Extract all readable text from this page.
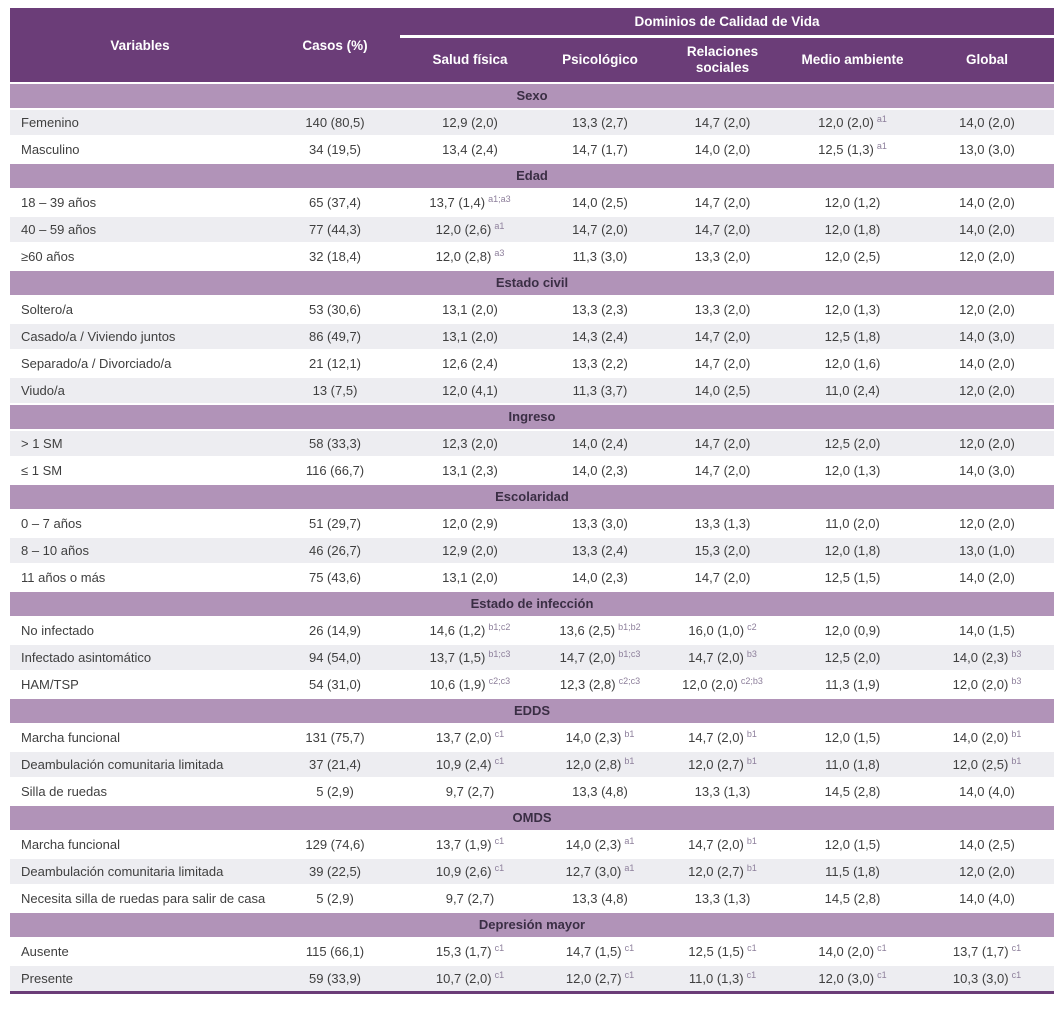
Variables	Casos (%)	Dominios de Calidad de Vida				
		Salud física	Psicológico	Relaciones sociales	Medio ambiente	Global
Sexo						
Femenino	140 (80,5)	12,9 (2,0)	13,3 (2,7)	14,7 (2,0)	12,0 (2,0) $^{a1}$	14,0 (2,0)
Masculino	34 (19,5)	13,4 (2,4)	14,7 (1,7)	14,0 (2,0)	12,5 (1,3) $^{a1}$	13,0 (3,0)
Edad						
18 – 39 años	65 (37,4)	13,7 (1,4) $^{a1;a3}$	14,0 (2,5)	14,7 (2,0)	12,0 (1,2)	14,0 (2,0)
40 – 59 años	77 (44,3)	12,0 (2,6) $^{a1}$	14,7 (2,0)	14,7 (2,0)	12,0 (1,8)	14,0 (2,0)
≥60 años	32 (18,4)	12,0 (2,8) $^{a3}$	11,3 (3,0)	13,3 (2,0)	12,0 (2,5)	12,0 (2,0)
Estado civil						
Soltero/a	53 (30,6)	13,1 (2,0)	13,3 (2,3)	13,3 (2,0)	12,0 (1,3)	12,0 (2,0)
Casado/a / Viviendo juntos	86 (49,7)	13,1 (2,0)	14,3 (2,4)	14,7 (2,0)	12,5 (1,8)	14,0 (3,0)
Separado/a / Divorciado/a	21 (12,1)	12,6 (2,4)	13,3 (2,2)	14,7 (2,0)	12,0 (1,6)	14,0 (2,0)
Viudo/a	13 (7,5)	12,0 (4,1)	11,3 (3,7)	14,0 (2,5)	11,0 (2,4)	12,0 (2,0)
Ingreso						
> 1 SM	58 (33,3)	12,3 (2,0)	14,0 (2,4)	14,7 (2,0)	12,5 (2,0)	12,0 (2,0)
≤ 1 SM	116 (66,7)	13,1 (2,3)	14,0 (2,3)	14,7 (2,0)	12,0 (1,3)	14,0 (3,0)
Escolaridad						
0 – 7 años	51 (29,7)	12,0 (2,9)	13,3 (3,0)	13,3 (1,3)	11,0 (2,0)	12,0 (2,0)
8 – 10 años	46 (26,7)	12,9 (2,0)	13,3 (2,4)	15,3 (2,0)	12,0 (1,8)	13,0 (1,0)
11 años o más	75 (43,6)	13,1 (2,0)	14,0 (2,3)	14,7 (2,0)	12,5 (1,5)	14,0 (2,0)
Estado de infección						
No infectado	26 (14,9)	14,6 (1,2) $^{b1;c2}$	13,6 (2,5) $^{b1;b2}$	16,0 (1,0) $^{c2}$	12,0 (0,9)	14,0 (1,5)
Infectado asintomático	94 (54,0)	13,7 (1,5) $^{b1;c3}$	14,7 (2,0) $^{b1;c3}$	14,7 (2,0) $^{b3}$	12,5 (2,0)	14,0 (2,3) $^{b3}$
HAM/TSP	54 (31,0)	10,6 (1,9) $^{c2;c3}$	12,3 (2,8) $^{c2;c3}$	12,0 (2,0) $^{c2;b3}$	11,3 (1,9)	12,0 (2,0) $^{b3}$
EDDS						
Marcha funcional	131 (75,7)	13,7 (2,0) $^{c1}$	14,0 (2,3) $^{b1}$	14,7 (2,0) $^{b1}$	12,0 (1,5)	14,0 (2,0) $^{b1}$
Deambulación comunitaria limitada	37 (21,4)	10,9 (2,4) $^{c1}$	12,0 (2,8) $^{b1}$	12,0 (2,7) $^{b1}$	11,0 (1,8)	12,0 (2,5) $^{b1}$
Silla de ruedas	5 (2,9)	9,7 (2,7)	13,3 (4,8)	13,3 (1,3)	14,5 (2,8)	14,0 (4,0)
OMDS						
Marcha funcional	129 (74,6)	13,7 (1,9) $^{c1}$	14,0 (2,3) $^{a1}$	14,7 (2,0) $^{b1}$	12,0 (1,5)	14,0 (2,5)
Deambulación comunitaria limitada	39 (22,5)	10,9 (2,6) $^{c1}$	12,7 (3,0) $^{a1}$	12,0 (2,7) $^{b1}$	11,5 (1,8)	12,0 (2,0)
Necesita silla de ruedas para salir de casa	5 (2,9)	9,7 (2,7)	13,3 (4,8)	13,3 (1,3)	14,5 (2,8)	14,0 (4,0)
Depresión mayor						
Ausente	115 (66,1)	15,3 (1,7) $^{c1}$	14,7 (1,5) $^{c1}$	12,5 (1,5) $^{c1}$	14,0 (2,0) $^{c1}$	13,7 (1,7) $^{c1}$
Presente	59 (33,9)	10,7 (2,0) $^{c1}$	12,0 (2,7) $^{c1}$	11,0 (1,3) $^{c1}$	12,0 (3,0) $^{c1}$	10,3 (3,0) $^{c1}$
